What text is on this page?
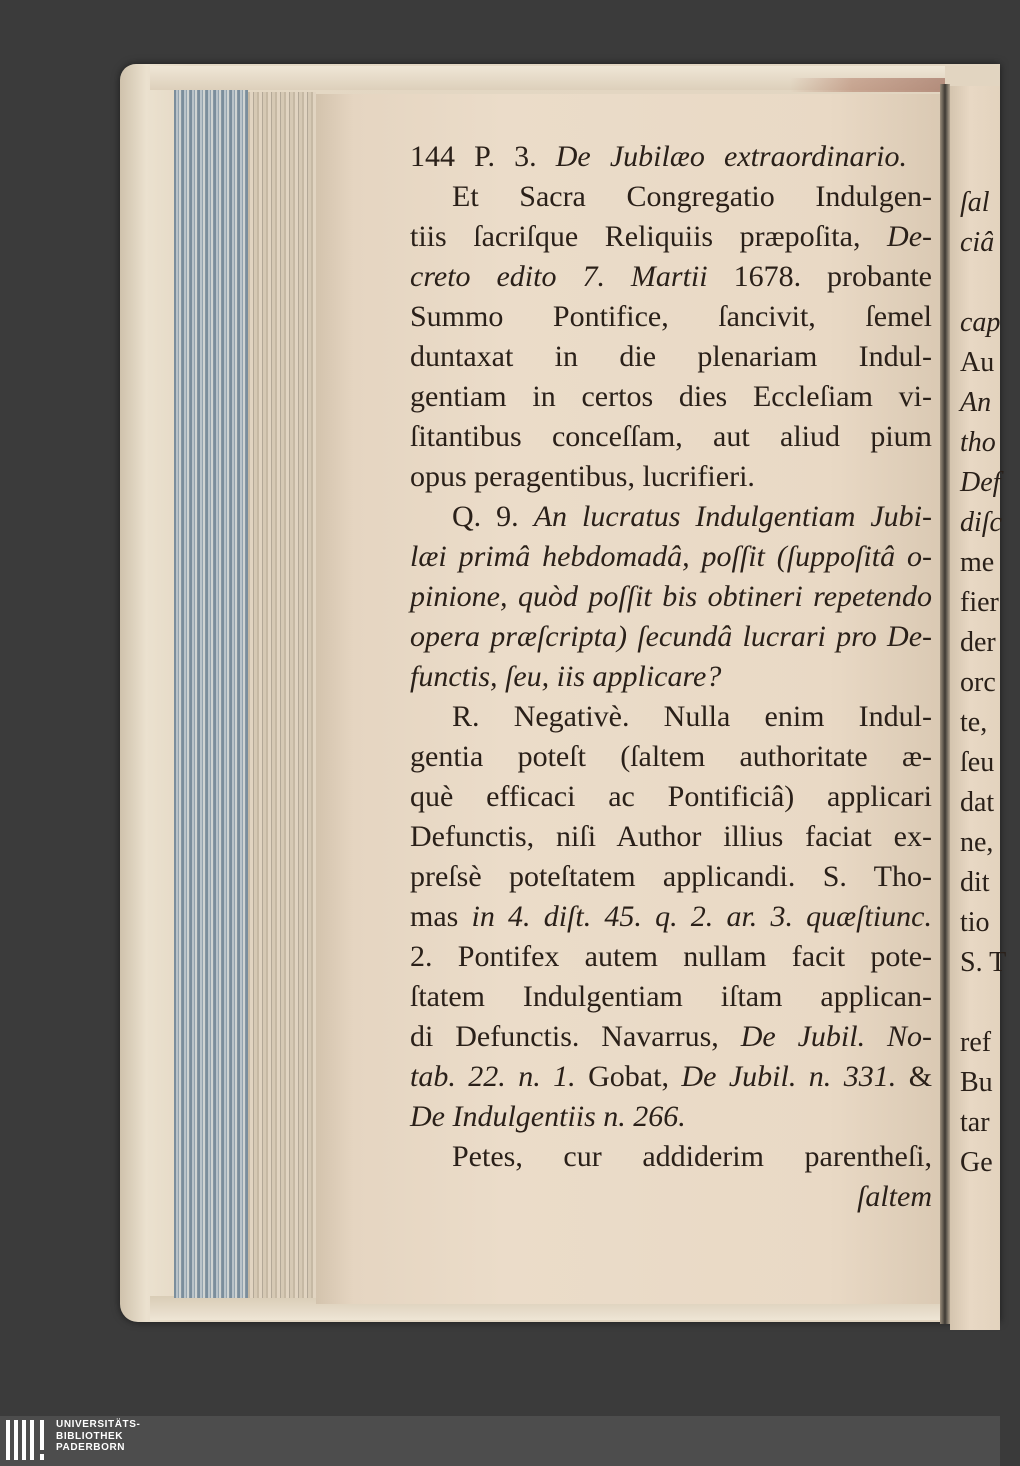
144 P. 3. De Jubilæo extraordinario.
Et Sacra Congregatio Indulgen-
tiis ſacriſque Reliquiis præpoſita, De-
creto edito 7. Martii 1678. probante
Summo Pontifice, ſancivit, ſemel
duntaxat in die plenariam Indul-
gentiam in certos dies Eccleſiam vi-
ſitantibus conceſſam, aut aliud pium
opus peragentibus, lucrifieri.
Q. 9. An lucratus Indulgentiam Jubi-
læi primâ hebdomadâ, poſſit (ſuppoſitâ o-
pinione, quòd poſſit bis obtineri repetendo
opera præſcripta) ſecundâ lucrari pro De-
functis, ſeu, iis applicare?
R. Negativè. Nulla enim Indul-
gentia poteſt (ſaltem authoritate æ-
què efficaci ac Pontificiâ) applicari
Defunctis, niſi Author illius faciat ex-
preſsè poteſtatem applicandi. S. Tho-
mas in 4. diſt. 45. q. 2. ar. 3. quæſtiunc.
2. Pontifex autem nullam facit pote-
ſtatem Indulgentiam iſtam applican-
di Defunctis. Navarrus, De Jubil. No-
tab. 22. n. 1. Gobat, De Jubil. n. 331. &
De Indulgentiis n. 266.
Petes, cur addiderim parentheſi,
ſaltem
ſal
ciâ
cap
Au
An
tho
Def
diſc
me
fier
der
orc
te,
ſeu
dat
ne,
dit
tio
S. T
ref
Bu
tar
Ge
UNIVERSITÄTS-
BIBLIOTHEK
PADERBORN
